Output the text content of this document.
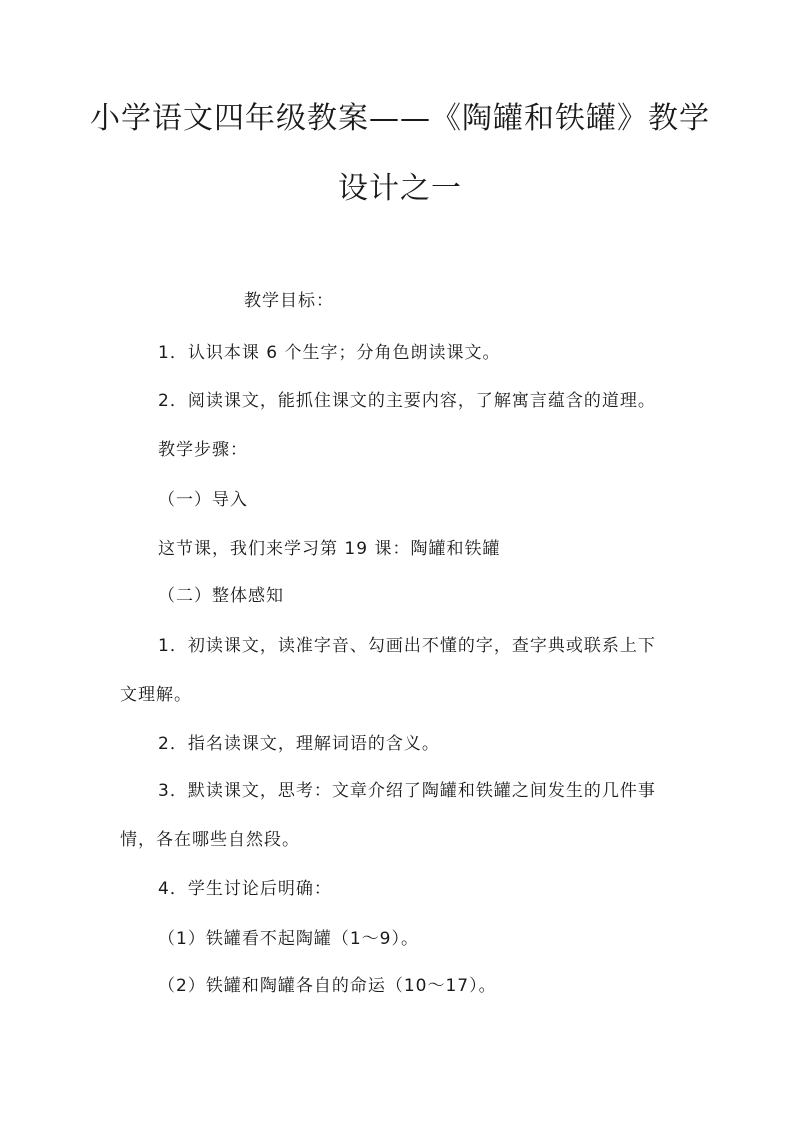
小学语文四年级教案——《陶罐和铁罐》教学
设计之一
教学目标：
1．认识本课 6 个生字；分角色朗读课文。
2．阅读课文，能抓住课文的主要内容，了解寓言蕴含的道理。
教学步骤：
（一）导入
这节课，我们来学习第 19 课：陶罐和铁罐
（二）整体感知
1．初读课文，读准字音、勾画出不懂的字，查字典或联系上下
文理解。
2．指名读课文，理解词语的含义。
3．默读课文，思考：文章介绍了陶罐和铁罐之间发生的几件事
情，各在哪些自然段。
4．学生讨论后明确：
（1）铁罐看不起陶罐（1～9）。
（2）铁罐和陶罐各自的命运（10～17）。
